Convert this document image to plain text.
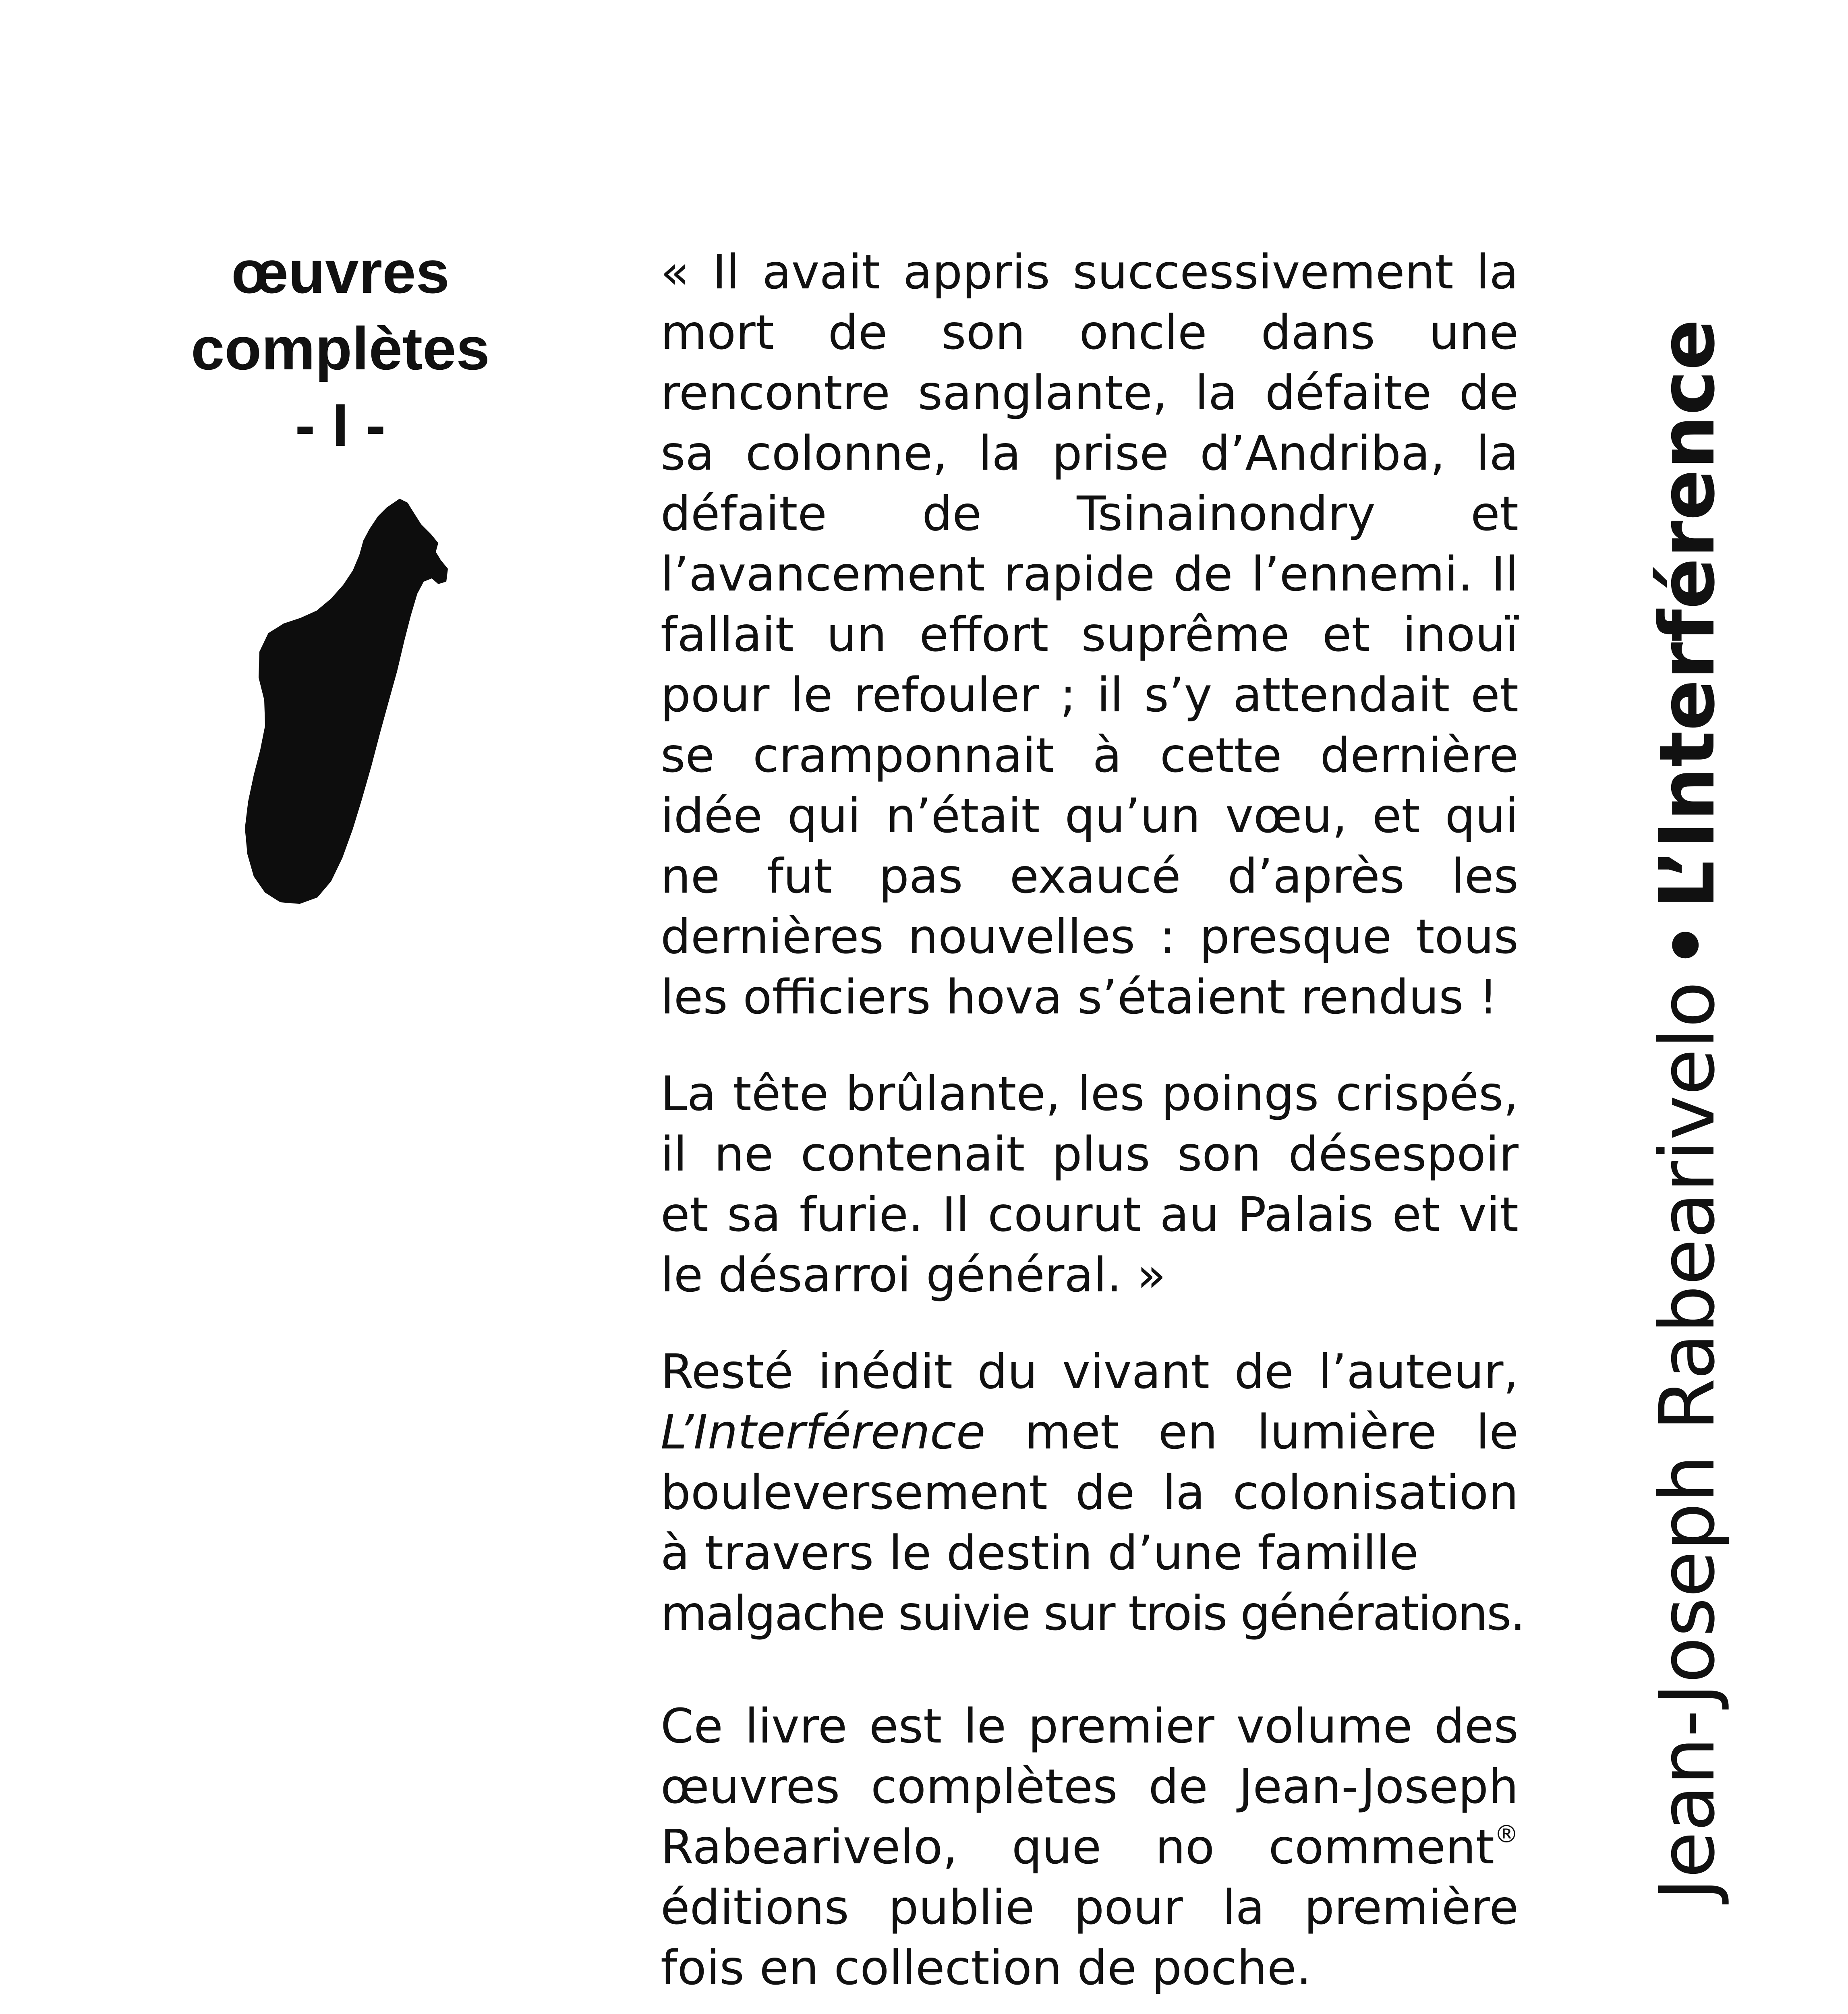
œuvres
complètes
- I -

« Il avait appris successivement la mort de son oncle dans une rencontre sanglante, la défaite de sa colonne, la prise d’Andriba, la défaite de Tsinainondry et l’avancement rapide de l’ennemi. Il fallait un effort suprême et inouï pour le refouler ; il s’y attendait et se cramponnait à cette dernière idée qui n’était qu’un vœu, et qui ne fut pas exaucé d’après les dernières nouvelles : presque tous les officiers hova s’étaient rendus !

La tête brûlante, les poings crispés, il ne contenait plus son désespoir et sa furie. Il courut au Palais et vit le désarroi général. »

Resté inédit du vivant de l’auteur, L’Interférence met en lumière le bouleversement de la colonisation à travers le destin d’une famille
malgache suivie sur trois générations.

Ce livre est le premier volume des œuvres complètes de Jean-Joseph Rabearivelo, que no comment® éditions publie pour la première fois en collection de poche.

Jean-Joseph Rabearivelo•L’Interférence
